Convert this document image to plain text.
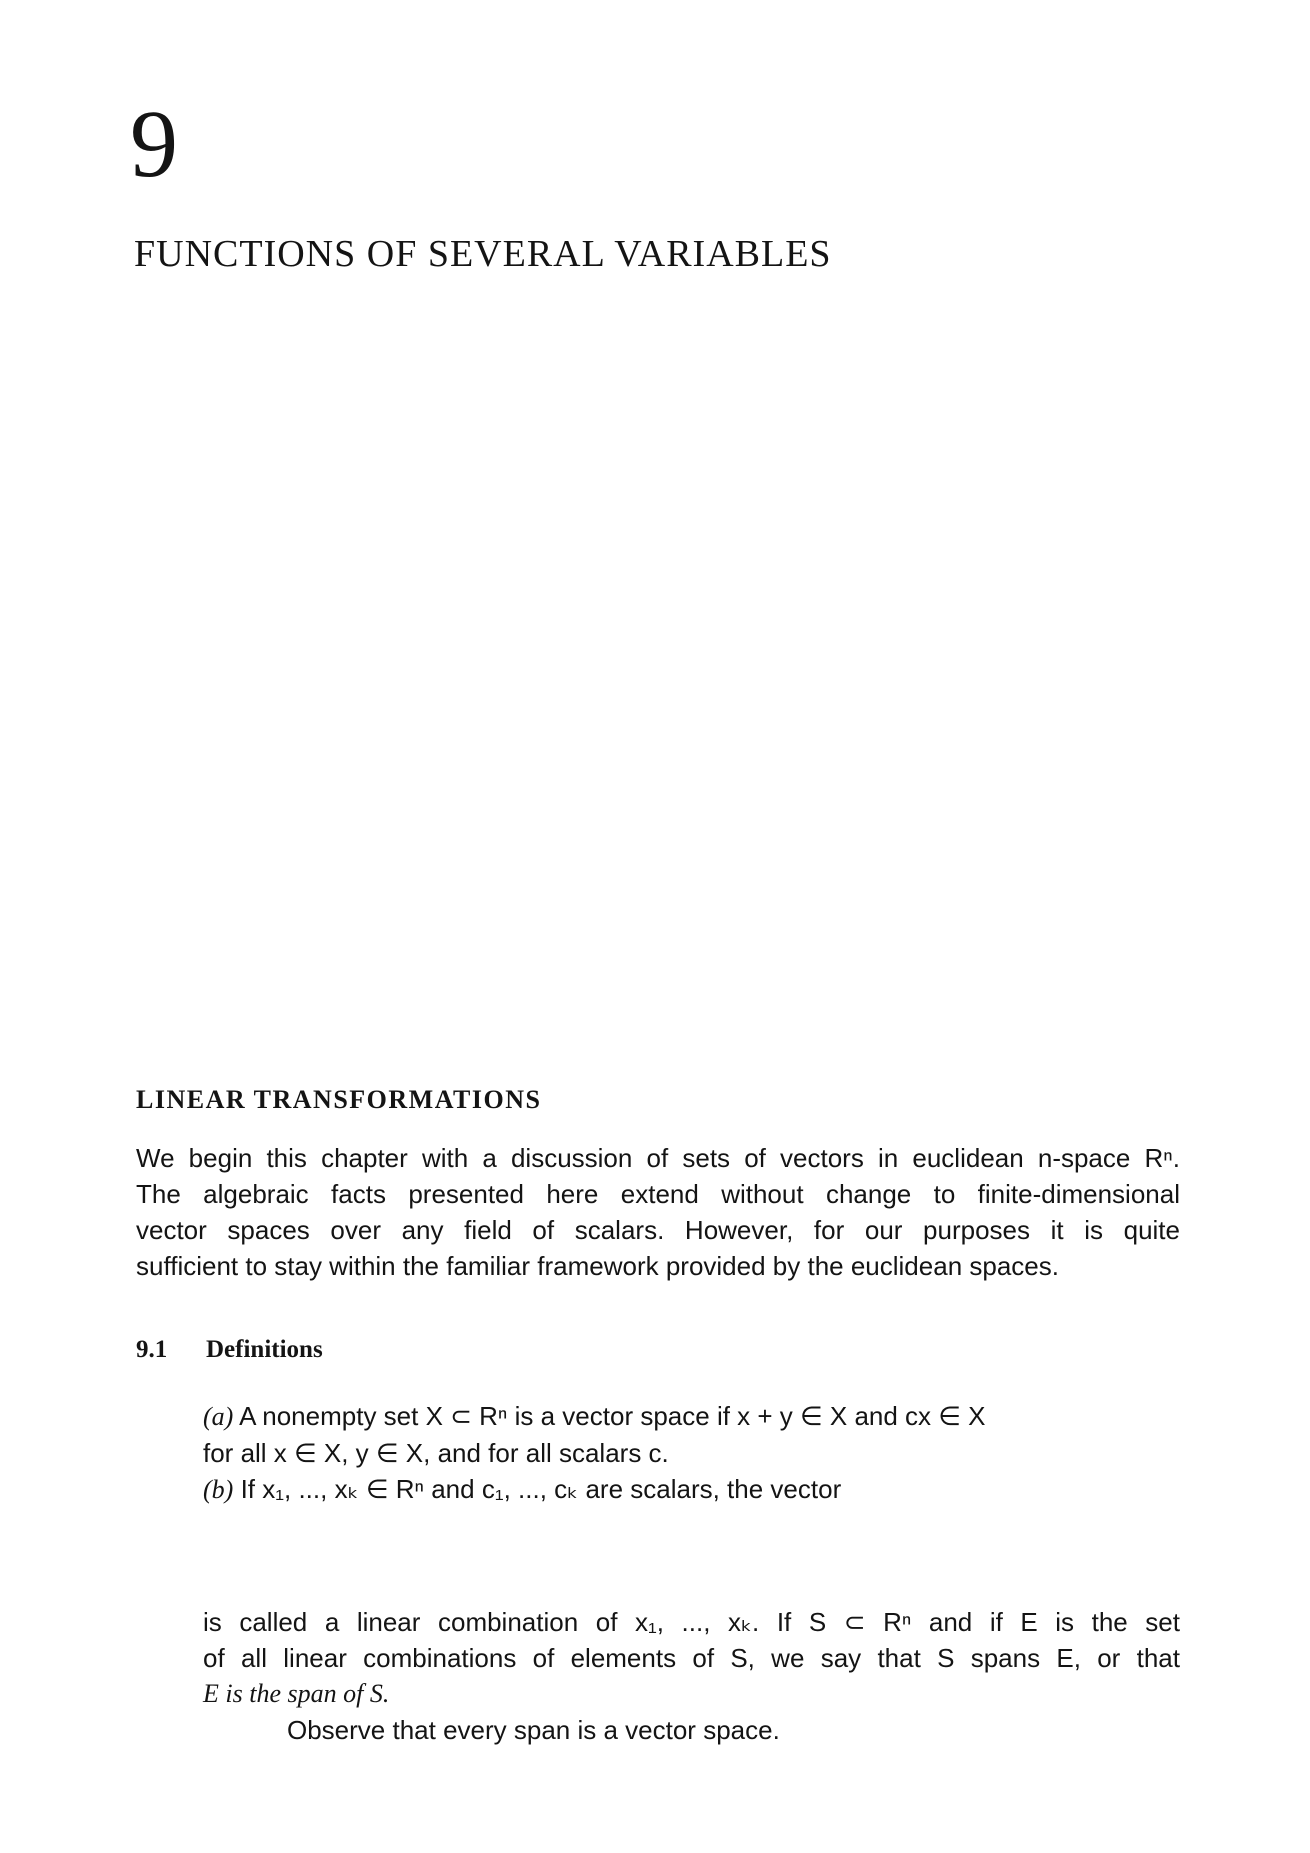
9
FUNCTIONS OF SEVERAL VARIABLES
LINEAR TRANSFORMATIONS
We begin this chapter with a discussion of sets of vectors in euclidean n-space Rⁿ.
The algebraic facts presented here extend without change to finite-dimensional
vector spaces over any field of scalars. However, for our purposes it is quite
sufficient to stay within the familiar framework provided by the euclidean spaces.
9.1 Definitions
(a) A nonempty set X ⊂ Rⁿ is a vector space if x + y ∈ X and cx ∈ X
for all x ∈ X, y ∈ X, and for all scalars c.
(b) If x₁, ..., xₖ ∈ Rⁿ and c₁, ..., cₖ are scalars, the vector
is called a linear combination of x₁, ..., xₖ. If S ⊂ Rⁿ and if E is the set
of all linear combinations of elements of S, we say that S spans E, or that
E is the span of S.
Observe that every span is a vector space.
